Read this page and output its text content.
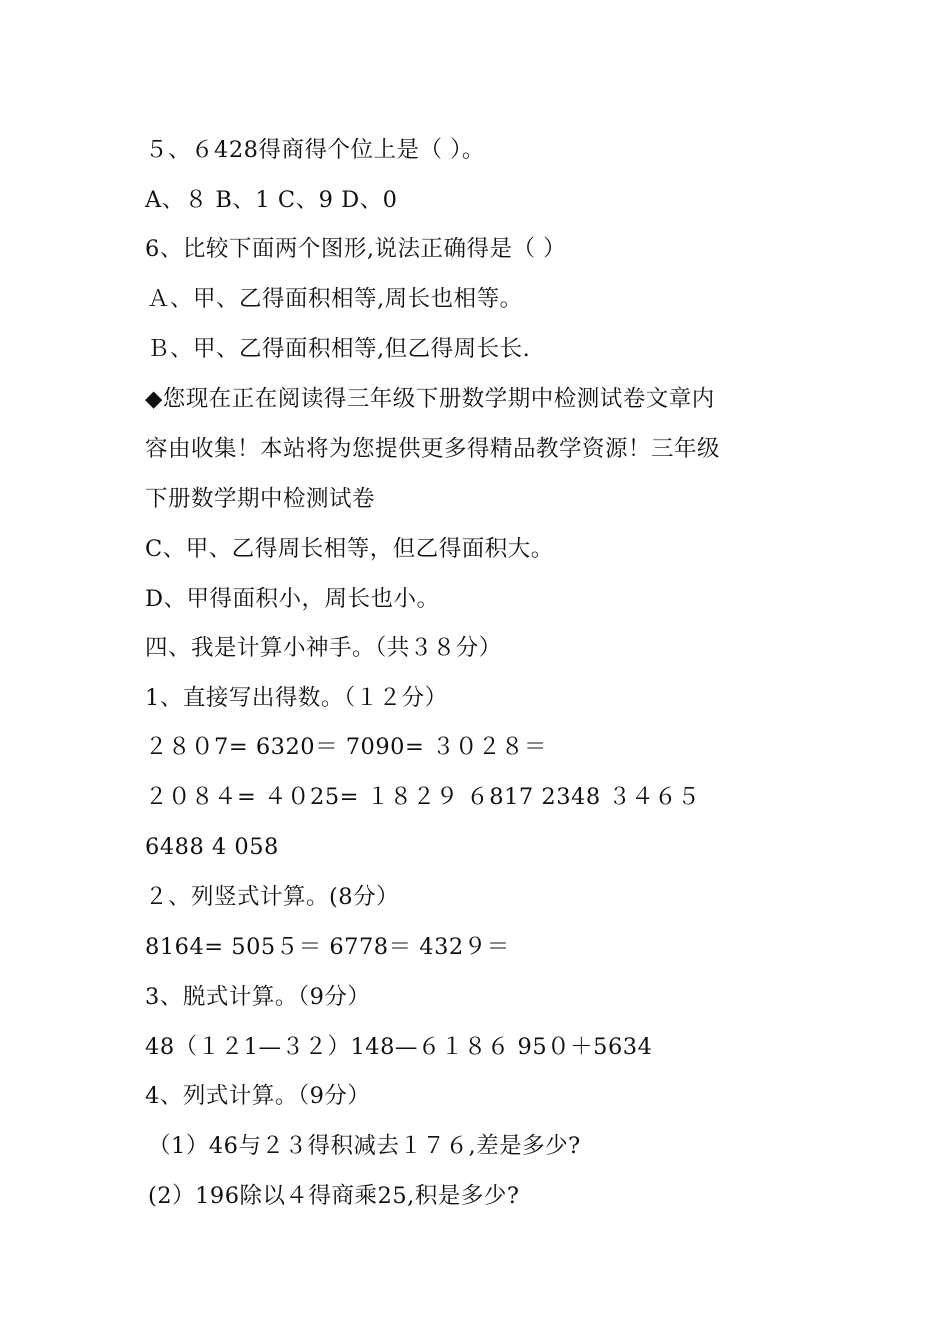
５、６428得商得个位上是（ ）。
A、８ B、1 C、9 D、0
6、比较下面两个图形,说法正确得是（ ）
Ａ、甲、乙得面积相等,周长也相等。
Ｂ、甲、乙得面积相等,但乙得周长长.
◆您现在正在阅读得三年级下册数学期中检测试卷文章内
容由收集！本站将为您提供更多得精品教学资源！三年级
下册数学期中检测试卷
C、甲、乙得周长相等，但乙得面积大。
D、甲得面积小，周长也小。
四、我是计算小神手。（共３８分）
1、直接写出得数。（１２分）
２８０7= 6320＝ 7090= ３０２８＝
２０８４= ４０25= １８２９ ６817 2348 ３４６５
6488 4 058
２、列竖式计算。(8分）
8164= 505５＝ 6778＝ 432９＝
3、脱式计算。（9分）
48（１２1—３２）148—６１８６ 95０＋5634
4、列式计算。（9分）
（1）46与２３得积减去１７６,差是多少?
(2）196除以４得商乘25,积是多少?
